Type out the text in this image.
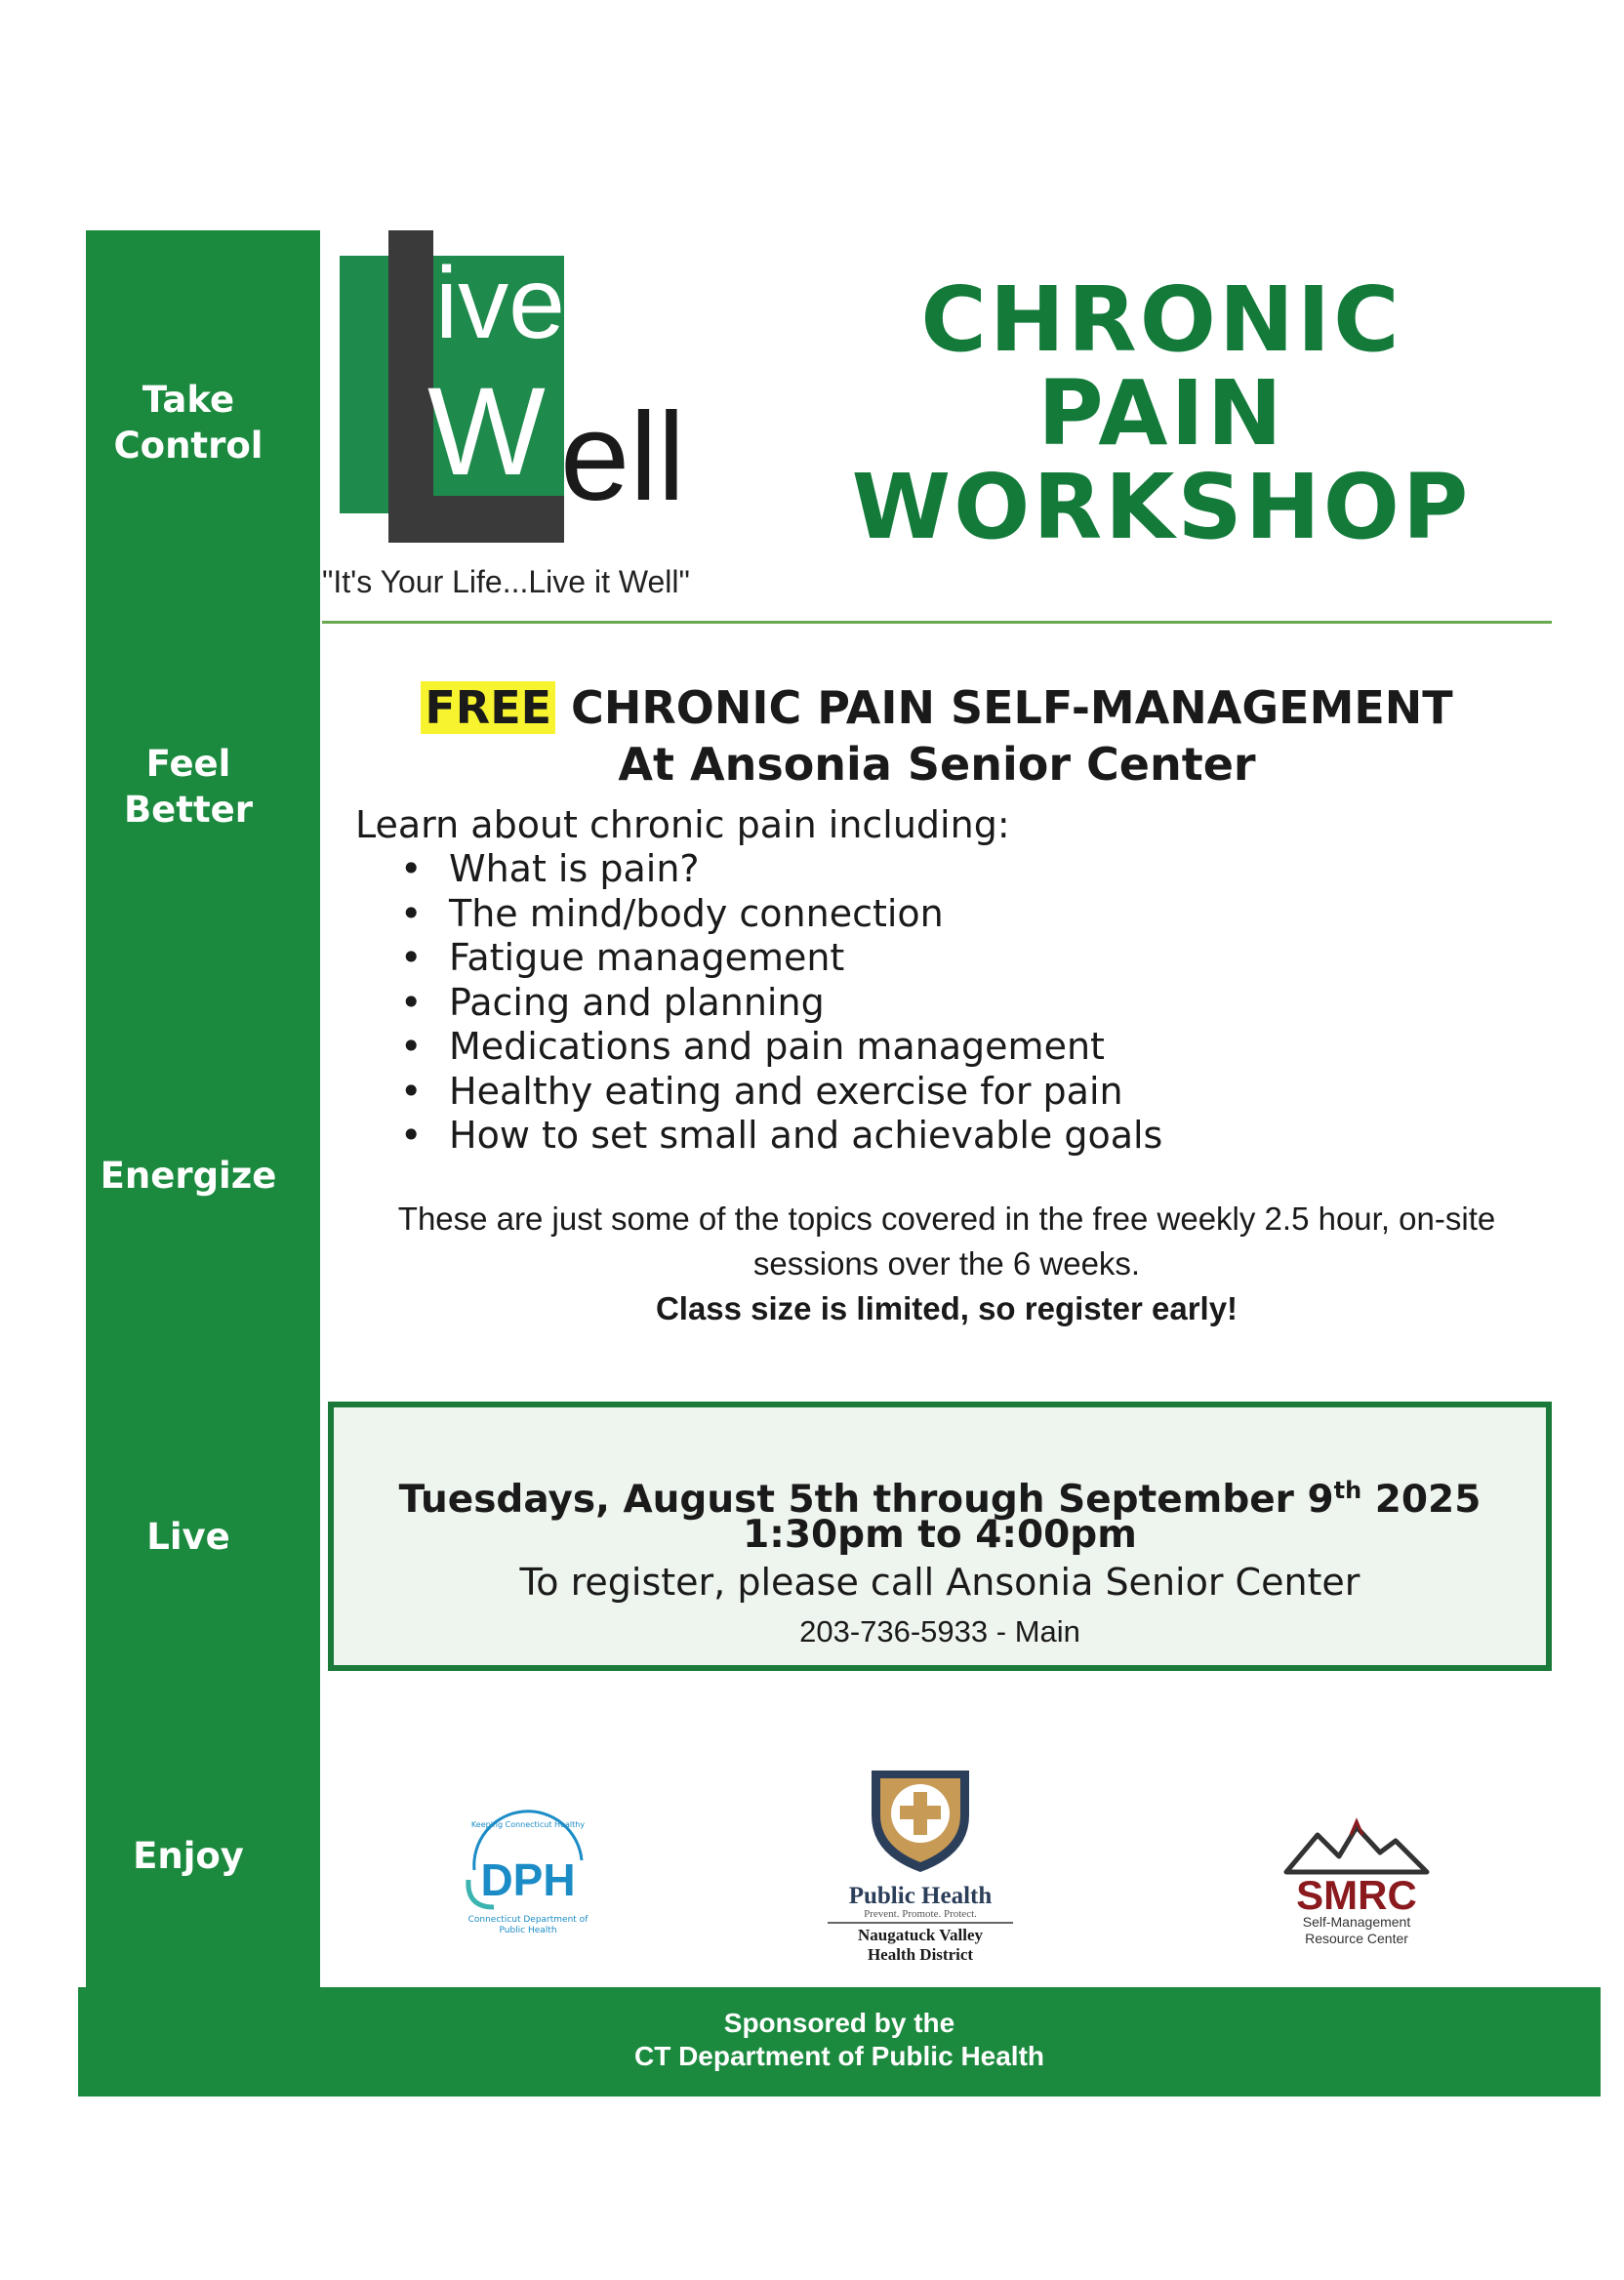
Take
Control
Feel
Better
Energize
Live
Enjoy
ive
W ell
"It's Your Life...Live it Well"
CHRONIC
PAIN
WORKSHOP
FREE CHRONIC PAIN SELF-MANAGEMENT
At Ansonia Senior Center
Learn about chronic pain including:
• What is pain?
• The mind/body connection
• Fatigue management
• Pacing and planning
• Medications and pain management
• Healthy eating and exercise for pain
• How to set small and achievable goals
These are just some of the topics covered in the free weekly 2.5 hour, on-site
sessions over the 6 weeks.
Class size is limited, so register early!
Tuesdays, August 5th through September 9th 2025
1:30pm to 4:00pm
To register, please call Ansonia Senior Center
203-736-5933 - Main
Keeping Connecticut Healthy
DPH
Connecticut Department of Public Health
Public Health
Prevent. Promote. Protect.
Naugatuck Valley
Health District
SMRC
Self-Management
Resource Center
Sponsored by the
CT Department of Public Health
